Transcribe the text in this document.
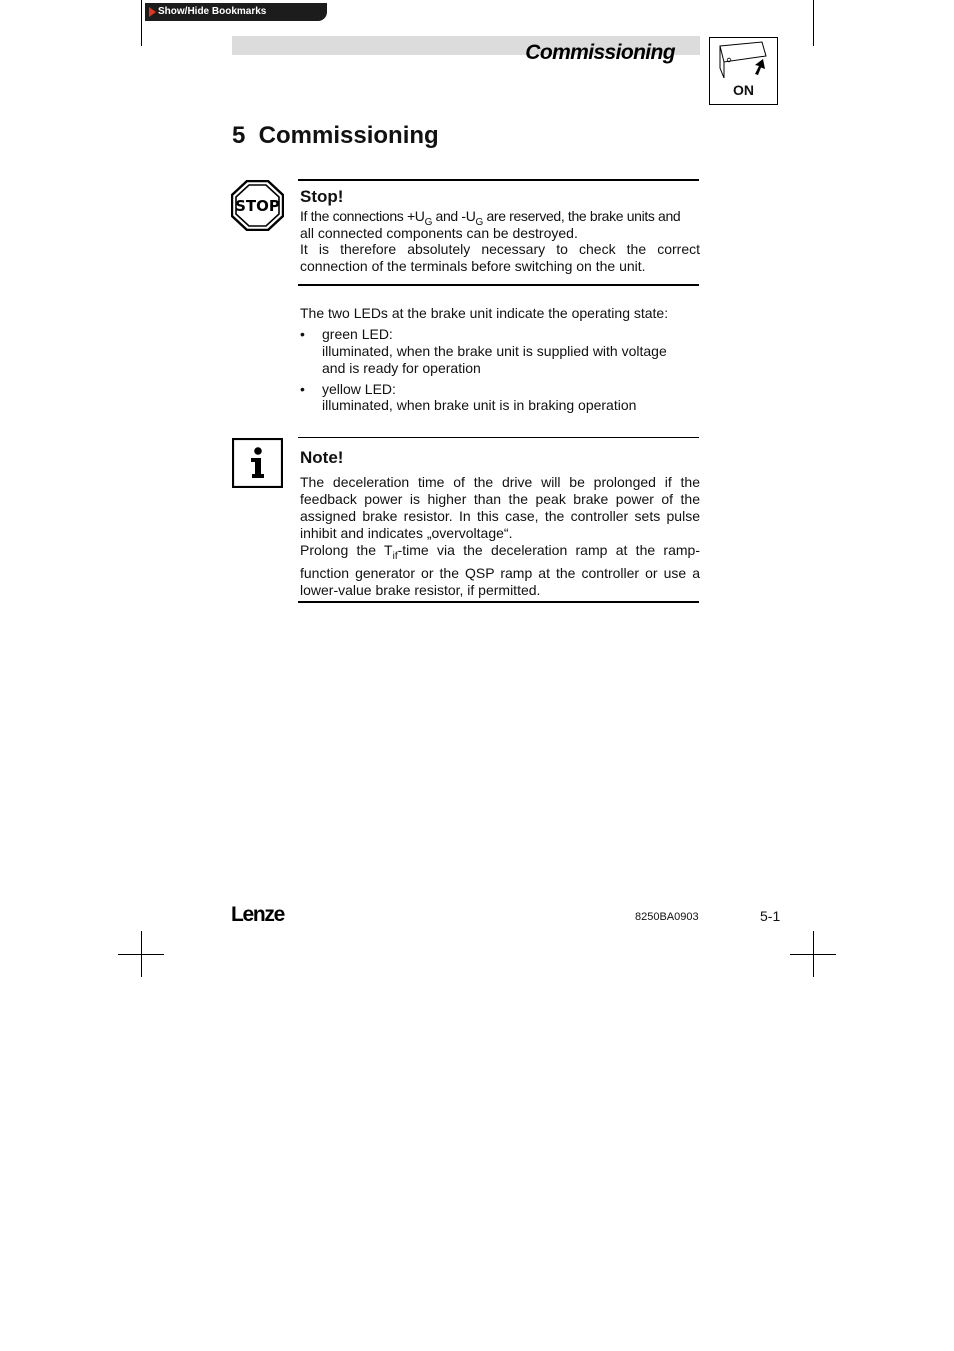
Show/Hide Bookmarks
Commissioning
ON
5  Commissioning
STOP Stop!
If the connections $+U_G$ and $-U_G$ are reserved, the brake units and
all connected components can be destroyed.
It is therefore absolutely necessary to check the correct connection of the terminals before switching on the unit.
The two LEDs at the brake unit indicate the operating state:
• green LED:
illuminated, when the brake unit is supplied with voltage and is ready for operation
• yellow LED:
illuminated, when brake unit is in braking operation
Note!
The deceleration time of the drive will be prolonged if the feedback power is higher than the peak brake power of the assigned brake resistor. In this case, the controller sets pulse inhibit and indicates „overvoltage“.
Prolong the $T_{if}$-time via the deceleration ramp at the ramp-function generator or the QSP ramp at the controller or use a lower-value brake resistor, if permitted.
Lenze	8250BA0903	5-1
